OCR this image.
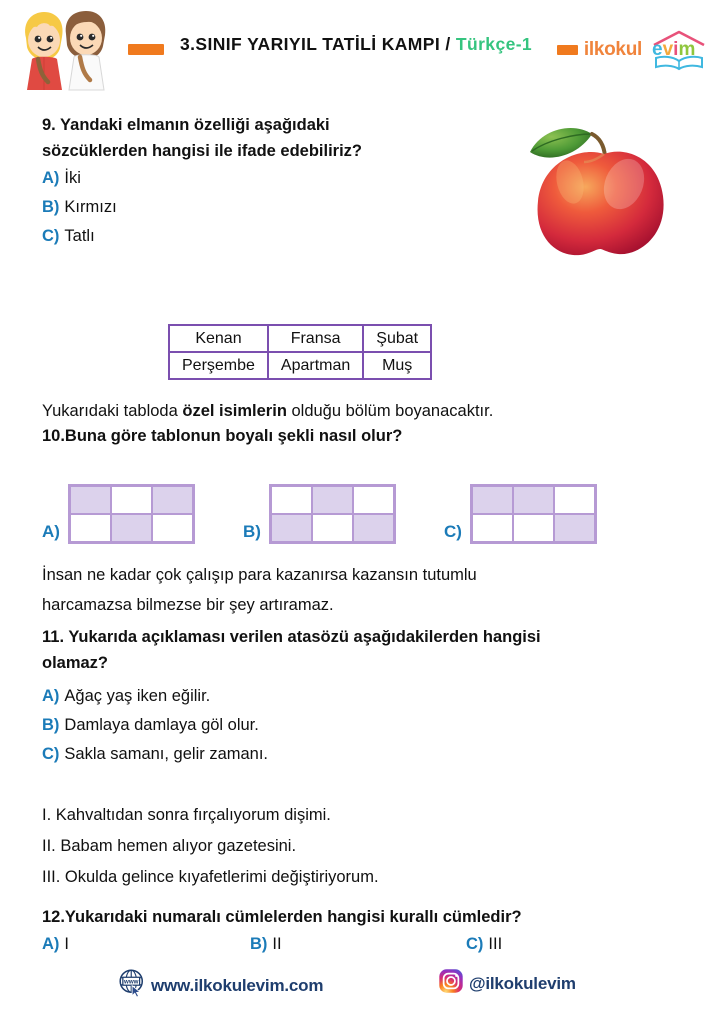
3.SINIF YARIYIL TATİLİ KAMPI / Türkçe-1	ilkokul evim
9. Yandaki elmanın özelliği aşağıdaki
sözcüklerden hangisi ile ifade edebiliriz?
A) İki
B) Kırmızı
C) Tatlı
Kenan	Fransa	Şubat
Perşembe	Apartman	Muş
Yukarıdaki tabloda özel isimlerin olduğu bölüm boyanacaktır.
10.Buna göre tablonun boyalı şekli nasıl olur?
A)	B)	C)
İnsan ne kadar çok çalışıp para kazanırsa kazansın tutumlu
harcamazsa bilmezse bir şey artıramaz.
11. Yukarıda açıklaması verilen atasözü aşağıdakilerden hangisi
olamaz?
A) Ağaç yaş iken eğilir.
B) Damlaya damlaya göl olur.
C) Sakla samanı, gelir zamanı.
I. Kahvaltıdan sonra fırçalıyorum dişimi.
II. Babam hemen alıyor gazetesini.
III. Okulda gelince kıyafetlerimi değiştiriyorum.
12.Yukarıdaki numaralı cümlelerden hangisi kurallı cümledir?
A) I	B) II	C) III
www www.ilkokulevim.com	@ilkokulevim
